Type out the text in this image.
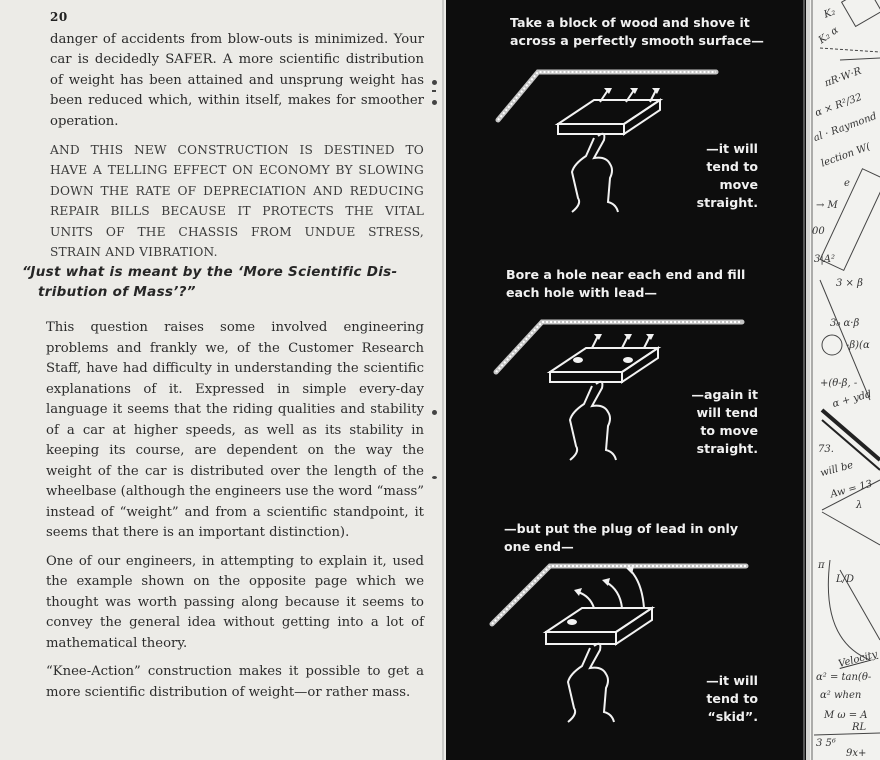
20

danger of accidents from blow-outs is minimized. Your car is decidedly SAFER. A more scientific distribution of weight has been attained and unsprung weight has been reduced which, within itself, makes for smoother operation.

AND THIS NEW CONSTRUCTION IS DESTINED TO HAVE A TELLING EFFECT ON ECONOMY BY SLOWING DOWN THE RATE OF DEPRECIATION AND REDUCING REPAIR BILLS BECAUSE IT PROTECTS THE VITAL UNITS OF THE CHASSIS FROM UNDUE STRESS, STRAIN AND VIBRATION.

“Just what is meant by the ‘More Scientific Dis-
tribution of Mass’?”

This question raises some involved engineering problems and frankly we, of the Customer Research Staff, have had difficulty in understanding the scientific explanations of it. Expressed in simple every-day language it seems that the riding qualities and stability of a car at higher speeds, as well as its stability in keeping its course, are dependent on the way the weight of the car is distributed over the length of the wheelbase (although the engineers use the word “mass” instead of “weight” and from a scientific standpoint, it seems that there is an important distinction).

One of our engineers, in attempting to explain it, used the example shown on the opposite page which we thought was worth passing along because it seems to convey the general idea without getting into a lot of mathematical theory.

“Knee-Action” construction makes it possible to get a more scientific distribution of weight—or rather mass.

Take a block of wood and shove it
across a perfectly smooth surface—
—it will
tend to
move
straight.
Bore a hole near each end and fill
each hole with lead—
—again it
will tend
to move
straight.
—but put the plug of lead in only
one end—
—it will
tend to
“skid”.
K₂
K₂ α
πR·W·R
α × R²/32
al · Raymond
lection W(
e
→ M
00
3|A²
3 × β
3₀ α·β
-β)(α
+(θ-β, -
α + ydd
73.
will be
Aw = 13
λ
π
L/D
Velocity
α² = tan(θ-
α² when
M ω = A
RL
3 5⁶
9x+
